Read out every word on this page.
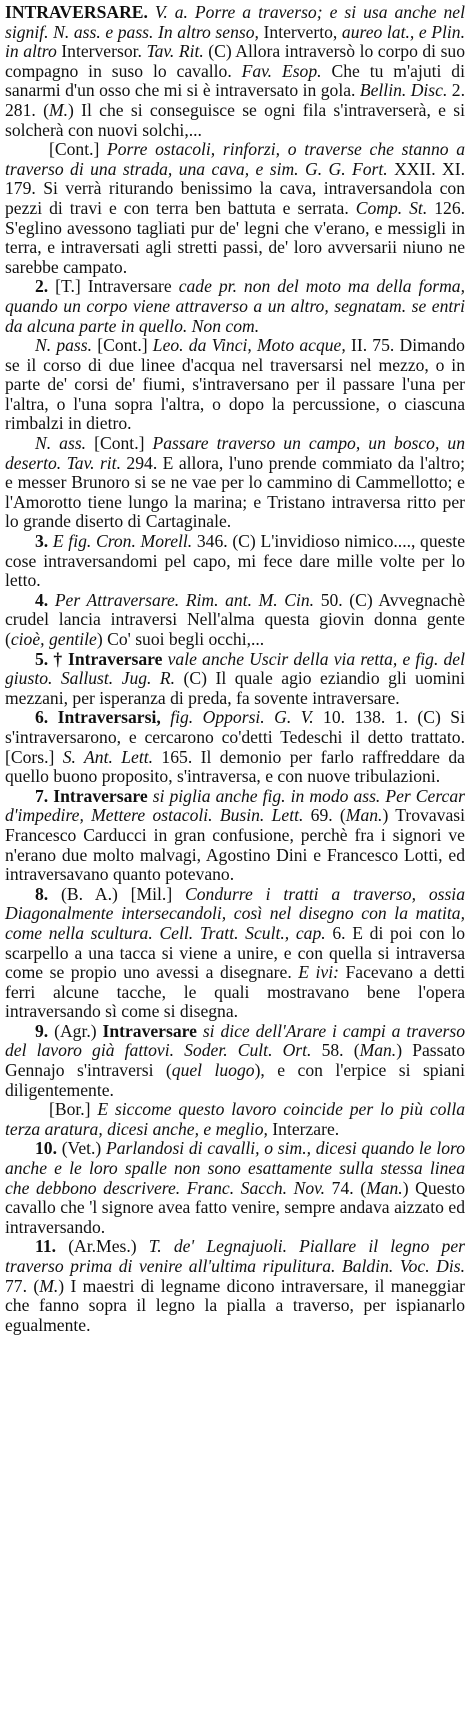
INTRAVERSARE. V. a. Porre a traverso; e si usa anche nel signif. N. ass. e pass. In altro senso, Interverto, aureo lat., e Plin. in altro Interversor. Tav. Rit. (C) Allora intraversò lo corpo di suo compagno in suso lo cavallo. Fav. Esop. Che tu m'ajuti di sanarmi d'un osso che mi si è intraversato in gola. Bellin. Disc. 2. 281. (M.) Il che si conseguisce se ogni fila s'intraverserà, e si solcherà con nuovi solchi,...

[Cont.] Porre ostacoli, rinforzi, o traverse che stanno a traverso di una strada, una cava, e sim. G. G. Fort. XXII. XI. 179. Si verrà riturando benissimo la cava, intraversandola con pezzi di travi e con terra ben battuta e serrata. Comp. St. 126. S'eglino avessono tagliati pur de' legni che v'erano, e messigli in terra, e intraversati agli stretti passi, de' loro avversarii niuno ne sarebbe campato.

2. [T.] Intraversare cade pr. non del moto ma della forma, quando un corpo viene attraverso a un altro, segnatam. se entri da alcuna parte in quello. Non com.

N. pass. [Cont.] Leo. da Vinci, Moto acque, II. 75. Dimando se il corso di due linee d'acqua nel traversarsi nel mezzo, o in parte de' corsi de' fiumi, s'intraversano per il passare l'una per l'altra, o l'una sopra l'altra, o dopo la percussione, o ciascuna rimbalzi in dietro.

N. ass. [Cont.] Passare traverso un campo, un bosco, un deserto. Tav. rit. 294. E allora, l'uno prende commiato da l'altro; e messer Brunoro si se ne vae per lo cammino di Cammellotto; e l'Amorotto tiene lungo la marina; e Tristano intraversa ritto per lo grande diserto di Cartaginale.

3. E fig. Cron. Morell. 346. (C) L'invidioso nimico...., queste cose intraversandomi pel capo, mi fece dare mille volte per lo letto.

4. Per Attraversare. Rim. ant. M. Cin. 50. (C) Avvegnachè crudel lancia intraversi Nell'alma questa giovin donna gente (cioè, gentile) Co' suoi begli occhi,...

5. † Intraversare vale anche Uscir della via retta, e fig. del giusto. Sallust. Jug. R. (C) Il quale agio eziandio gli uomini mezzani, per isperanza di preda, fa sovente intraversare.

6. Intraversarsi, fig. Opporsi. G. V. 10. 138. 1. (C) Si s'intraversarono, e cercarono co'detti Tedeschi il detto trattato. [Cors.] S. Ant. Lett. 165. Il demonio per farlo raffreddare da quello buono proposito, s'intraversa, e con nuove tribulazioni.

7. Intraversare si piglia anche fig. in modo ass. Per Cercar d'impedire, Mettere ostacoli. Busin. Lett. 69. (Man.) Trovavasi Francesco Carducci in gran confusione, perchè fra i signori ve n'erano due molto malvagi, Agostino Dini e Francesco Lotti, ed intraversavano quanto potevano.

8. (B. A.) [Mil.] Condurre i tratti a traverso, ossia Diagonalmente intersecandoli, così nel disegno con la matita, come nella scultura. Cell. Tratt. Scult., cap. 6. E di poi con lo scarpello a una tacca si viene a unire, e con quella si intraversa come se propio uno avessi a disegnare. E ivi: Facevano a detti ferri alcune tacche, le quali mostravano bene l'opera intraversando sì come si disegna.

9. (Agr.) Intraversare si dice dell'Arare i campi a traverso del lavoro già fattovi. Soder. Cult. Ort. 58. (Man.) Passato Gennajo s'intraversi (quel luogo), e con l'erpice si spiani diligentemente.

[Bor.] E siccome questo lavoro coincide per lo più colla terza aratura, dicesi anche, e meglio, Interzare.

10. (Vet.) Parlandosi di cavalli, o sim., dicesi quando le loro anche e le loro spalle non sono esattamente sulla stessa linea che debbono descrivere. Franc. Sacch. Nov. 74. (Man.) Questo cavallo che 'l signore avea fatto venire, sempre andava aizzato ed intraversando.

11. (Ar.Mes.) T. de' Legnajuoli. Piallare il legno per traverso prima di venire all'ultima ripulitura. Baldin. Voc. Dis. 77. (M.) I maestri di legname dicono intraversare, il maneggiar che fanno sopra il legno la pialla a traverso, per ispianarlo egualmente.
